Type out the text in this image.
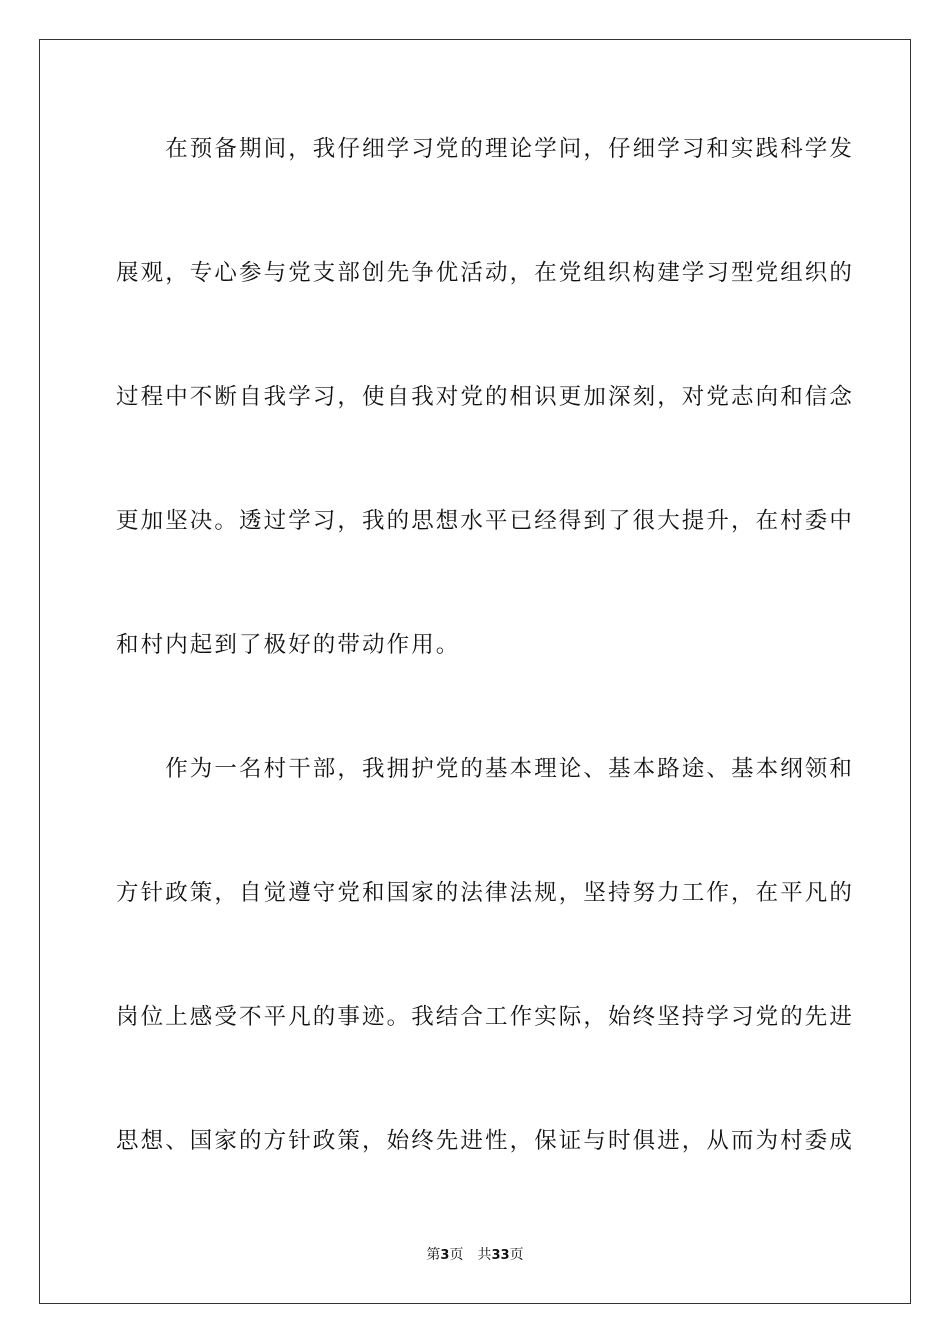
　　在预备期间，我仔细学习党的理论学问，仔细学习和实践科学发
展观，专心参与党支部创先争优活动，在党组织构建学习型党组织的
过程中不断自我学习，使自我对党的相识更加深刻，对党志向和信念
更加坚决。透过学习，我的思想水平已经得到了很大提升，在村委中
和村内起到了极好的带动作用。
　　作为一名村干部，我拥护党的基本理论、基本路途、基本纲领和
方针政策，自觉遵守党和国家的法律法规，坚持努力工作，在平凡的
岗位上感受不平凡的事迹。我结合工作实际，始终坚持学习党的先进
思想、国家的方针政策，始终先进性，保证与时俱进，从而为村委成
第3页 共33页
